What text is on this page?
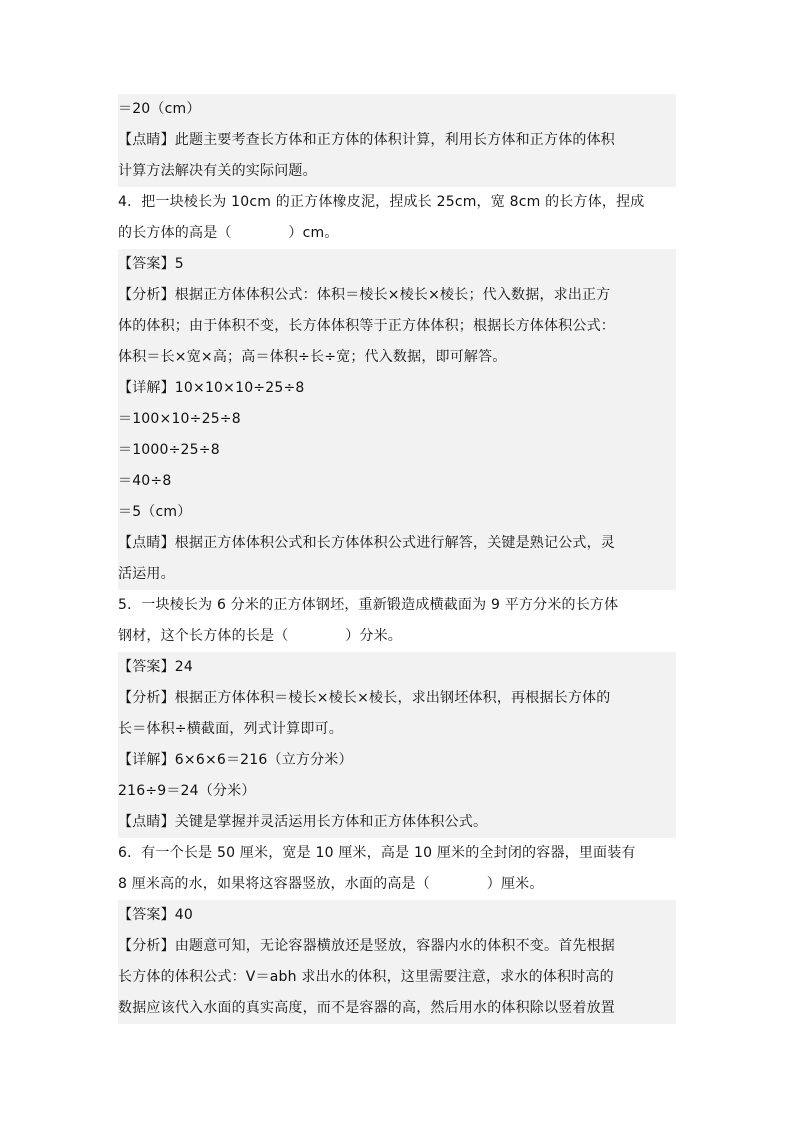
＝20（cm）
【点睛】此题主要考查长方体和正方体的体积计算，利用长方体和正方体的体积
计算方法解决有关的实际问题。
4．把一块棱长为 10cm 的正方体橡皮泥，捏成长 25cm，宽 8cm 的长方体，捏成
的长方体的高是（　　　　）cm。
【答案】5
【分析】根据正方体体积公式：体积＝棱长×棱长×棱长；代入数据，求出正方
体的体积；由于体积不变，长方体体积等于正方体体积；根据长方体体积公式：
体积＝长×宽×高；高＝体积÷长÷宽；代入数据，即可解答。
【详解】10×10×10÷25÷8
＝100×10÷25÷8
＝1000÷25÷8
＝40÷8
＝5（cm）
【点睛】根据正方体体积公式和长方体体积公式进行解答，关键是熟记公式，灵
活运用。
5．一块棱长为 6 分米的正方体钢坯，重新锻造成横截面为 9 平方分米的长方体
钢材，这个长方体的长是（　　　　）分米。
【答案】24
【分析】根据正方体体积＝棱长×棱长×棱长，求出钢坯体积，再根据长方体的
长＝体积÷横截面，列式计算即可。
【详解】6×6×6＝216（立方分米）
216÷9＝24（分米）
【点睛】关键是掌握并灵活运用长方体和正方体体积公式。
6．有一个长是 50 厘米，宽是 10 厘米，高是 10 厘米的全封闭的容器，里面装有
8 厘米高的水，如果将这容器竖放，水面的高是（　　　　）厘米。
【答案】40
【分析】由题意可知，无论容器横放还是竖放，容器内水的体积不变。首先根据
长方体的体积公式：V＝abh 求出水的体积，这里需要注意，求水的体积时高的
数据应该代入水面的真实高度，而不是容器的高，然后用水的体积除以竖着放置
